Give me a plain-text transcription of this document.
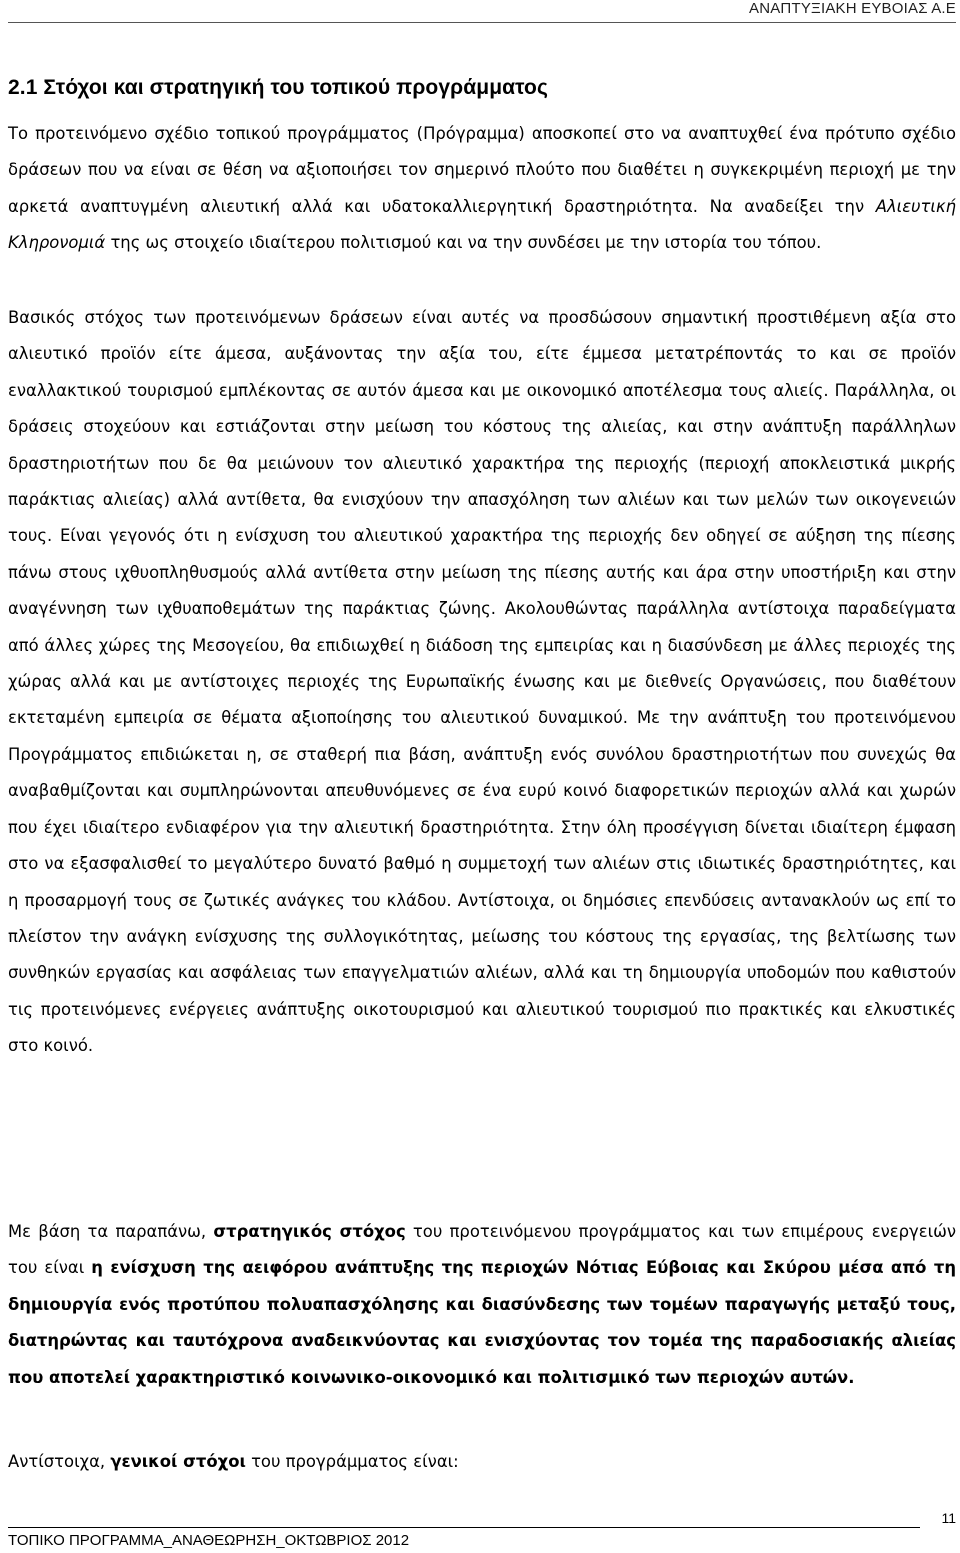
ΑΝΑΠΤΥΞΙΑΚΗ ΕΥΒΟΙΑΣ Α.Ε
2.1 Στόχοι και στρατηγική του τοπικού προγράμματος

Το προτεινόμενο σχέδιο τοπικού προγράμματος (Πρόγραμμα) αποσκοπεί στο να αναπτυχθεί ένα πρότυπο σχέδιο δράσεων που να είναι σε θέση να αξιοποιήσει τον σημερινό πλούτο που διαθέτει η συγκεκριμένη περιοχή με την αρκετά αναπτυγμένη αλιευτική αλλά και υδατοκαλλιεργητική δραστηριότητα. Να αναδείξει την Αλιευτική Κληρονομιά της ως στοιχείο ιδιαίτερου πολιτισμού και να την συνδέσει με την ιστορία του τόπου.

Βασικός στόχος των προτεινόμενων δράσεων είναι αυτές να προσδώσουν σημαντική προστιθέμενη αξία στο αλιευτικό προϊόν είτε άμεσα, αυξάνοντας την αξία του, είτε έμμεσα μετατρέποντάς το και σε προϊόν εναλλακτικού τουρισμού εμπλέκοντας σε αυτόν άμεσα και με οικονομικό αποτέλεσμα τους αλιείς. Παράλληλα, οι δράσεις στοχεύουν και εστιάζονται στην μείωση του κόστους της αλιείας, και στην ανάπτυξη παράλληλων δραστηριοτήτων που δε θα μειώνουν τον αλιευτικό χαρακτήρα της περιοχής (περιοχή αποκλειστικά μικρής παράκτιας αλιείας) αλλά αντίθετα, θα ενισχύουν την απασχόληση των αλιέων και των μελών των οικογενειών τους. Είναι γεγονός ότι η ενίσχυση του αλιευτικού χαρακτήρα της περιοχής δεν οδηγεί σε αύξηση της πίεσης πάνω στους ιχθυοπληθυσμούς αλλά αντίθετα στην μείωση της πίεσης αυτής και άρα στην υποστήριξη και στην αναγέννηση των ιχθυαποθεμάτων της παράκτιας ζώνης. Ακολουθώντας παράλληλα αντίστοιχα παραδείγματα από άλλες χώρες της Μεσογείου, θα επιδιωχθεί η διάδοση της εμπειρίας και η διασύνδεση με άλλες περιοχές της χώρας αλλά και με αντίστοιχες περιοχές της Ευρωπαϊκής ένωσης και με διεθνείς Οργανώσεις, που διαθέτουν εκτεταμένη εμπειρία σε θέματα αξιοποίησης του αλιευτικού δυναμικού. Με την ανάπτυξη του προτεινόμενου Προγράμματος επιδιώκεται η, σε σταθερή πια βάση, ανάπτυξη ενός συνόλου δραστηριοτήτων που συνεχώς θα αναβαθμίζονται και συμπληρώνονται απευθυνόμενες σε ένα ευρύ κοινό διαφορετικών περιοχών αλλά και χωρών που έχει ιδιαίτερο ενδιαφέρον για την αλιευτική δραστηριότητα. Στην όλη προσέγγιση δίνεται ιδιαίτερη έμφαση στο να εξασφαλισθεί το μεγαλύτερο δυνατό βαθμό η συμμετοχή των αλιέων στις ιδιωτικές δραστηριότητες, και η προσαρμογή τους σε ζωτικές ανάγκες του κλάδου. Αντίστοιχα, οι δημόσιες επενδύσεις αντανακλούν ως επί το πλείστον την ανάγκη ενίσχυσης της συλλογικότητας, μείωσης του κόστους της εργασίας, της βελτίωσης των συνθηκών εργασίας και ασφάλειας των επαγγελματιών αλιέων, αλλά και τη δημιουργία υποδομών που καθιστούν τις προτεινόμενες ενέργειες ανάπτυξης οικοτουρισμού και αλιευτικού τουρισμού πιο πρακτικές και ελκυστικές στο κοινό.

Με βάση τα παραπάνω, στρατηγικός στόχος του προτεινόμενου προγράμματος και των επιμέρους ενεργειών του είναι η ενίσχυση της αειφόρου ανάπτυξης της περιοχών Νότιας Εύβοιας και Σκύρου μέσα από τη δημιουργία ενός προτύπου πολυαπασχόλησης και διασύνδεσης των τομέων παραγωγής μεταξύ τους, διατηρώντας και ταυτόχρονα αναδεικνύοντας και ενισχύοντας τον τομέα της παραδοσιακής αλιείας που αποτελεί χαρακτηριστικό κοινωνικο-οικονομικό και πολιτισμικό των περιοχών αυτών.

Αντίστοιχα, γενικοί στόχοι του προγράμματος είναι:

11
ΤΟΠΙΚΟ ΠΡΟΓΡΑΜΜΑ_ΑΝΑΘΕΩΡΗΣΗ_ΟΚΤΩΒΡΙΟΣ 2012
